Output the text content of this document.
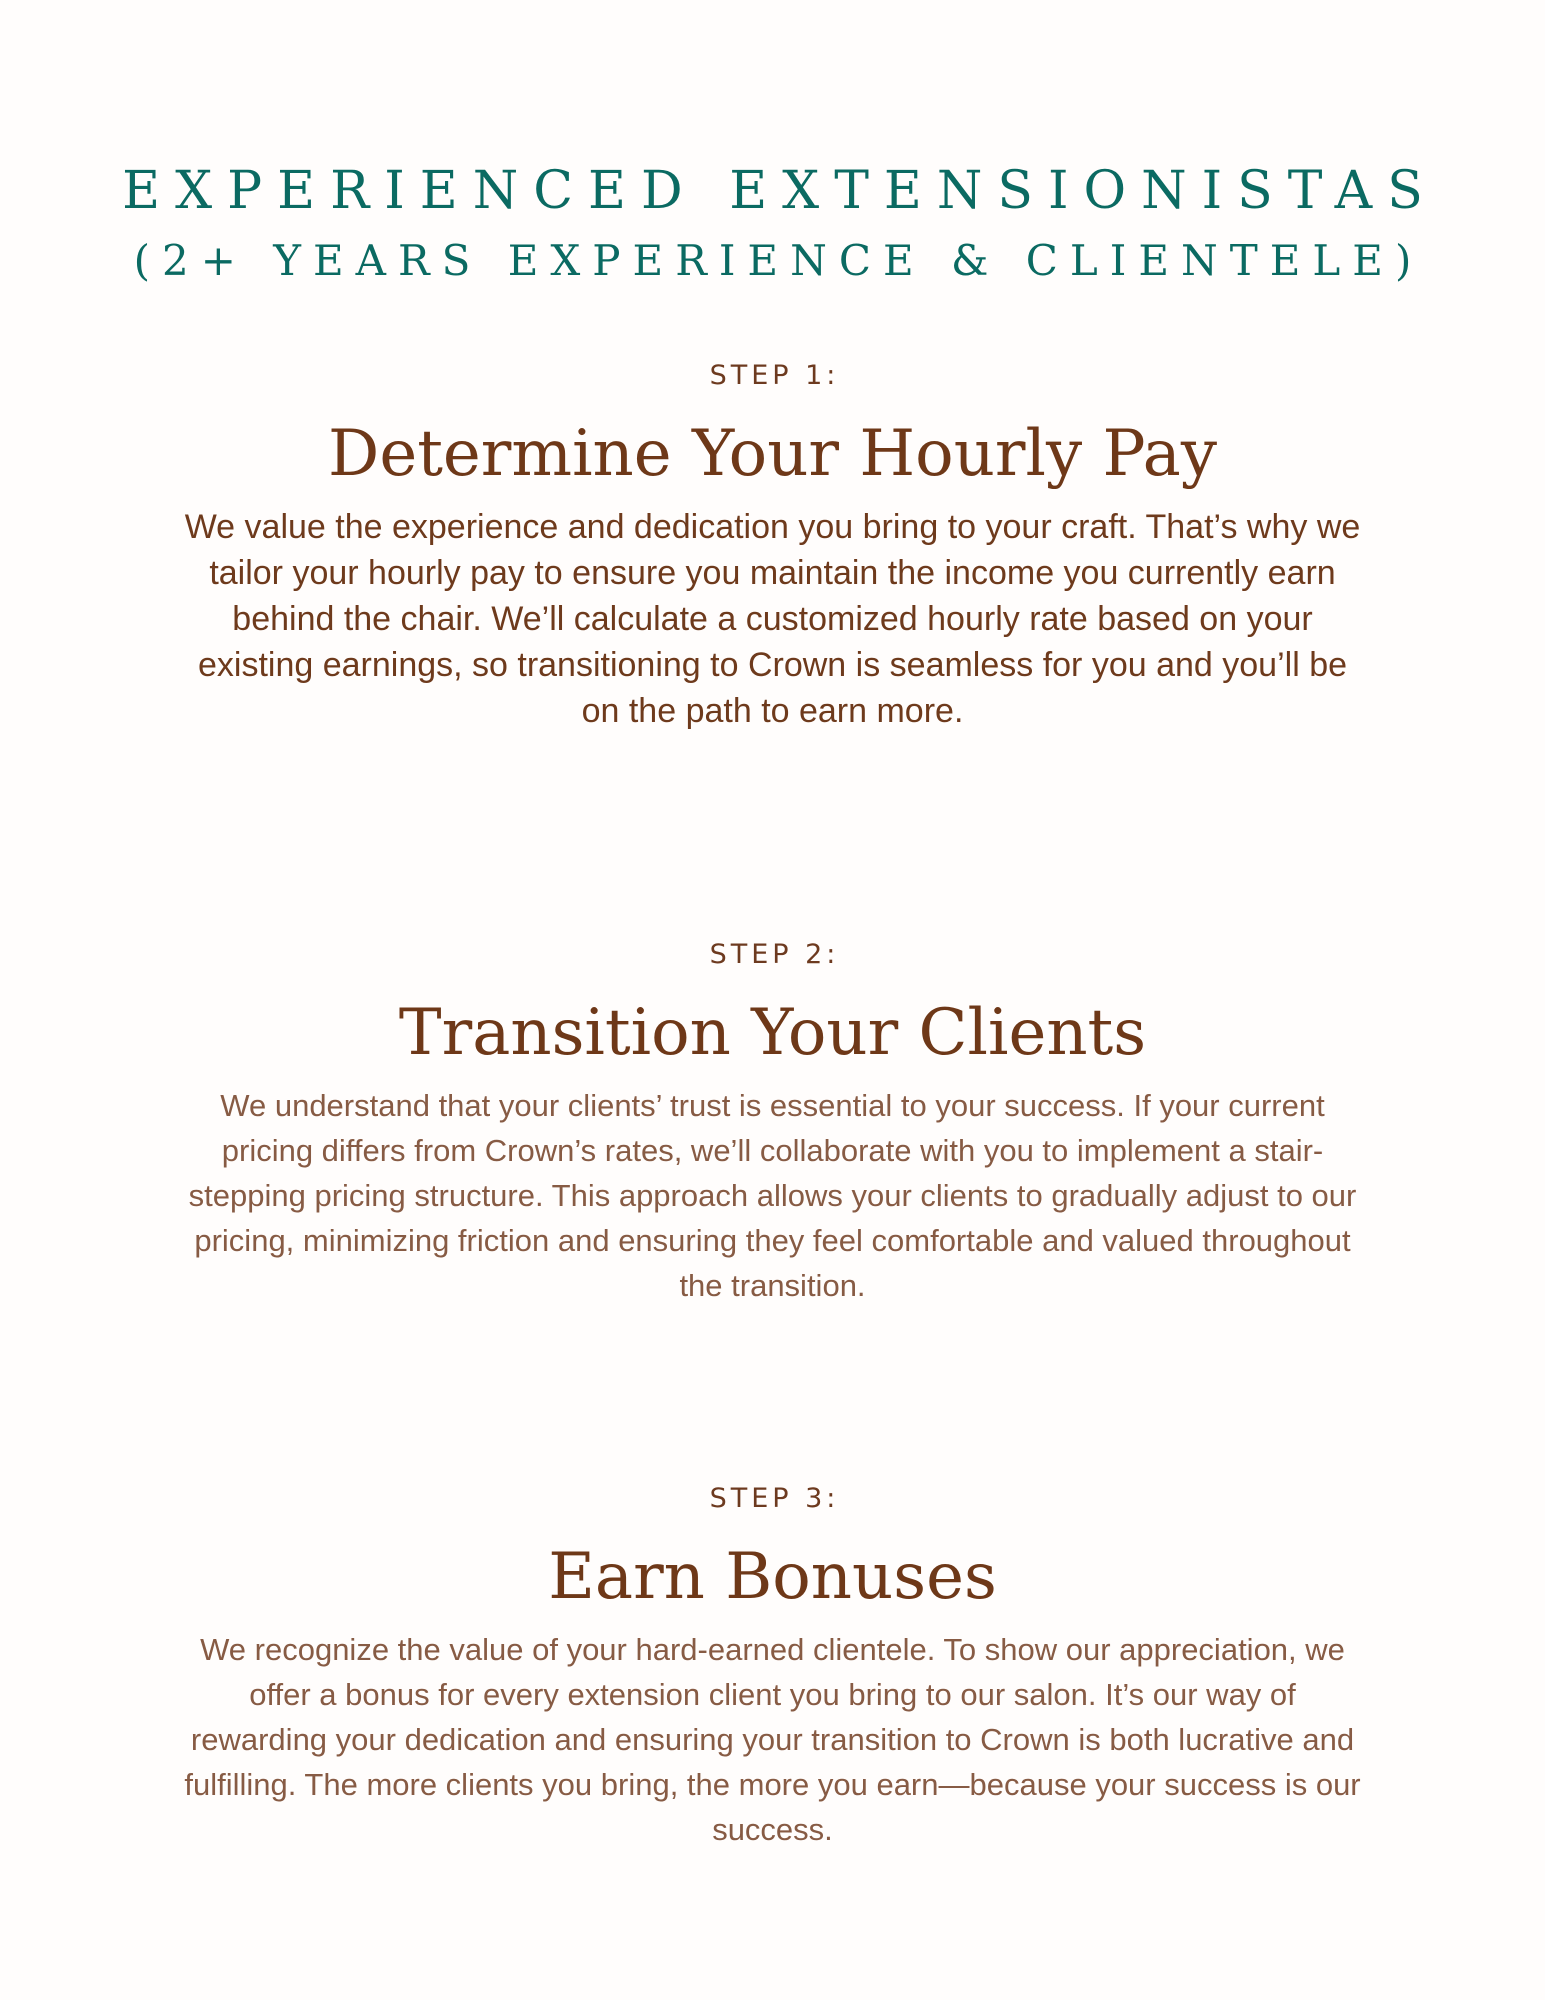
EXPERIENCED EXTENSIONISTAS
(2+ YEARS EXPERIENCE & CLIENTELE)
STEP 1:
Determine Your Hourly Pay
We value the experience and dedication you bring to your craft. That’s why we tailor your hourly pay to ensure you maintain the income you currently earn behind the chair. We’ll calculate a customized hourly rate based on your existing earnings, so transitioning to Crown is seamless for you and you’ll be on the path to earn more.
STEP 2:
Transition Your Clients
We understand that your clients’ trust is essential to your success. If your current pricing differs from Crown’s rates, we’ll collaborate with you to implement a stair-stepping pricing structure. This approach allows your clients to gradually adjust to our pricing, minimizing friction and ensuring they feel comfortable and valued throughout the transition.
STEP 3:
Earn Bonuses
We recognize the value of your hard-earned clientele. To show our appreciation, we offer a bonus for every extension client you bring to our salon. It’s our way of rewarding your dedication and ensuring your transition to Crown is both lucrative and fulfilling. The more clients you bring, the more you earn—because your success is our success.
